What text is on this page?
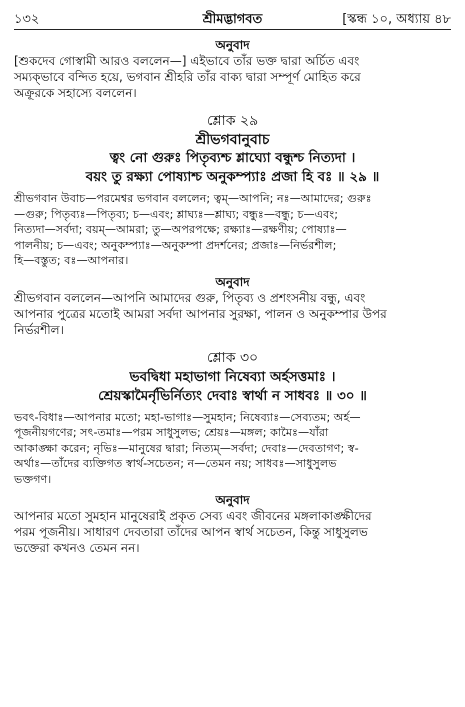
১৩২	শ্রীমদ্ভাগবত	[স্কন্ধ ১০, অধ্যায় ৪৮
অনুবাদ

[শুকদেব গোস্বামী আরও বললেন—] এইভাবে তাঁর ভক্ত দ্বারা অর্চিত এবং

সম্যক্‌ভাবে বন্দিত হয়ে, ভগবান শ্রীহরি তাঁর বাক্য দ্বারা সম্পূর্ণ মোহিত করে

অক্রূরকে সহাস্যে বললেন।

শ্লোক ২৯
শ্রীভগবানুবাচ
ত্বং নো গুরুঃ পিতৃব্যশ্চ শ্লাঘ্যো বন্ধুশ্চ নিত্যদা ।
বয়ং তু রক্ষ্যা পোষ্যাশ্চ অনুকম্প্যাঃ প্রজা হি বঃ ॥ ২৯ ॥

শ্রীভগবান উবাচ—পরমেশ্বর ভগবান বললেন; ত্বম্‌—আপনি; নঃ—আমাদের; গুরুঃ

—গুরু; পিতৃব্যঃ—পিতৃব্য; চ—এবং; শ্লাঘ্যঃ—শ্লাঘ্য; বন্ধুঃ—বন্ধু; চ—এবং;

নিত্যদা—সর্বদা; বয়ম্‌—আমরা; তু—অপরপক্ষে; রক্ষ্যাঃ—রক্ষণীয়; পোষ্যাঃ—

পালনীয়; চ—এবং; অনুকম্প্যাঃ—অনুকম্পা প্রদর্শনের; প্রজাঃ—নির্ভরশীল;

হি—বস্তুত; বঃ—আপনার।

অনুবাদ

শ্রীভগবান বললেন—আপনি আমাদের গুরু, পিতৃব্য ও প্রশংসনীয় বন্ধু, এবং

আপনার পুত্রের মতোই আমরা সর্বদা আপনার সুরক্ষা, পালন ও অনুকম্পার উপর

নির্ভরশীল।

শ্লোক ৩০
ভবদ্বিধা মহাভাগা নিষেব্যা অর্হসত্তমাঃ ।
শ্রেয়স্কামৈর্নৃভির্নিত্যং দেবাঃ স্বার্থা ন সাধবঃ ॥ ৩০ ॥

ভবৎ-বিধাঃ—আপনার মতো; মহা-ভাগাঃ—সুমহান; নিষেব্যাঃ—সেব্যতম; অর্হ—

পূজনীয়গণের; সৎ-তমাঃ—পরম সাধুসুলভ; শ্রেয়ঃ—মঙ্গল; কামৈঃ—যাঁরা

আকাঙ্ক্ষা করেন; নৃভিঃ—মানুষের দ্বারা; নিত্যম্‌—সর্বদা; দেবাঃ—দেবতাগণ; স্ব-

অর্থাঃ—তাঁদের ব্যক্তিগত স্বার্থ-সচেতন; ন—তেমন নয়; সাধবঃ—সাধুসুলভ

ভক্তগণ।

অনুবাদ

আপনার মতো সুমহান মানুষেরাই প্রকৃত সেব্য এবং জীবনের মঙ্গলাকাঙ্ক্ষীদের

পরম পূজনীয়। সাধারণ দেবতারা তাঁদের আপন স্বার্থ সচেতন, কিন্তু সাধুসুলভ

ভক্তেরা কখনও তেমন নন।
